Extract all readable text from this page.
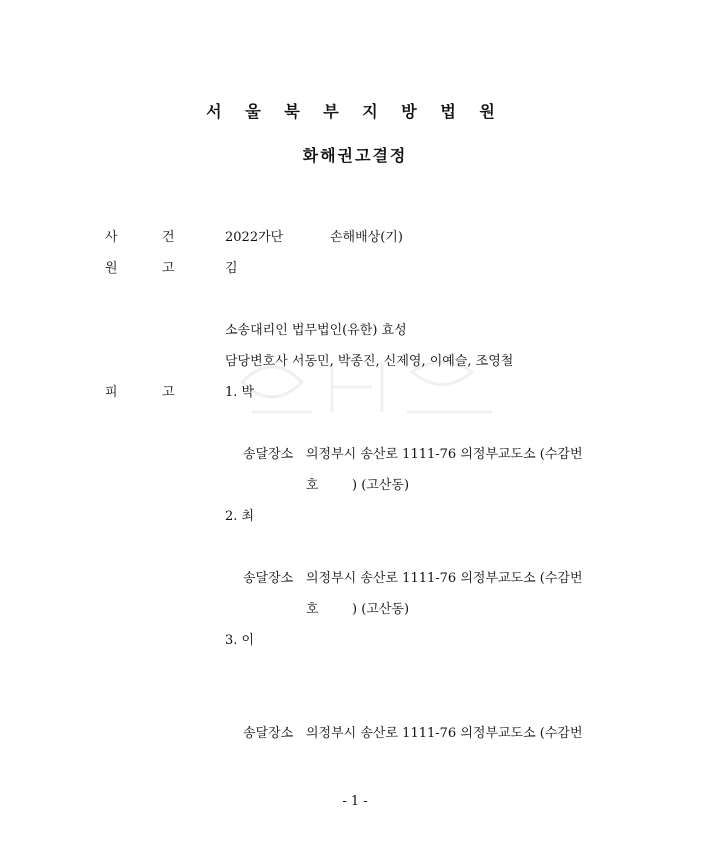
서 울 북 부 지 방 법 원
화해권고결정
사	건	2022가단	손해배상(기)
원	고	김
소송대리인 법무법인(유한) 효성
담당변호사 서동민, 박종진, 신제영, 이예슬, 조영철
피	고	1. 박
송달장소 의정부시 송산로 1111-76 의정부교도소 (수감번
호	) (고산동)
2. 최
송달장소 의정부시 송산로 1111-76 의정부교도소 (수감번
호	) (고산동)
3. 이
송달장소 의정부시 송산로 1111-76 의정부교도소 (수감번
- 1 -
